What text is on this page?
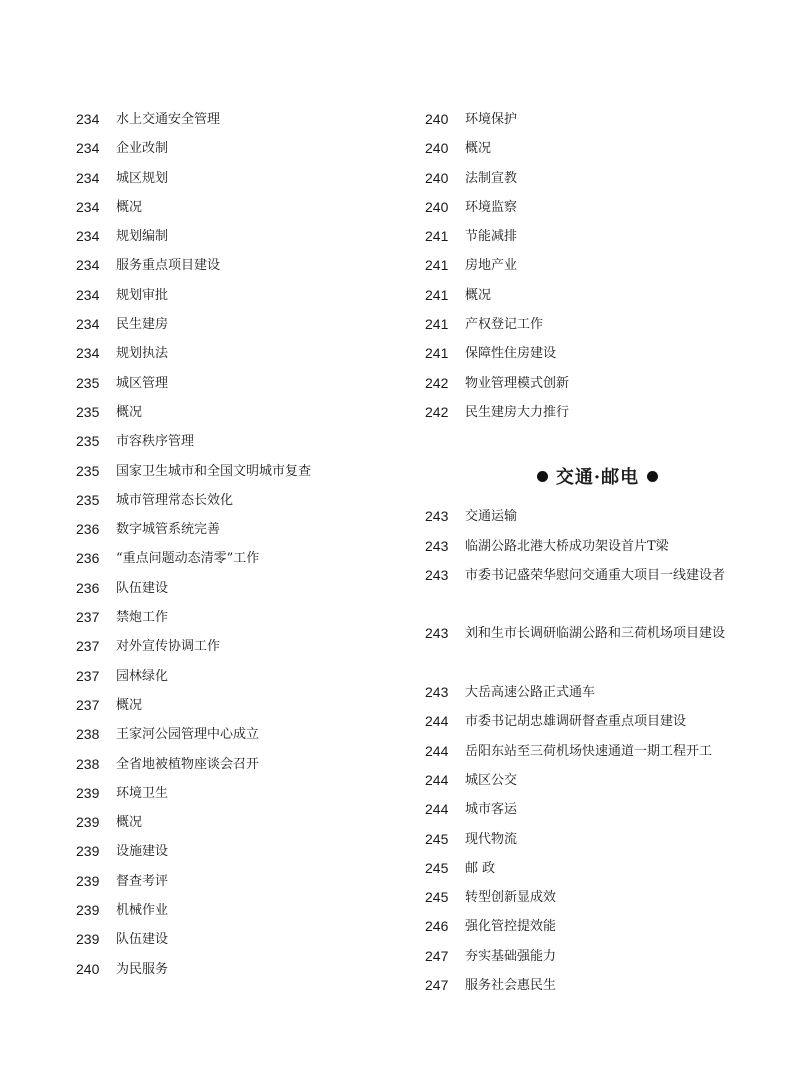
234	水上交通安全管理
234	企业改制
234	城区规划
234	概况
234	规划编制
234	服务重点项目建设
234	规划审批
234	民生建房
234	规划执法
235	城区管理
235	概况
235	市容秩序管理
235	国家卫生城市和全国文明城市复查
235	城市管理常态长效化
236	数字城管系统完善
236	“重点问题动态清零”工作
236	队伍建设
237	禁炮工作
237	对外宣传协调工作
237	园林绿化
237	概况
238	王家河公园管理中心成立
238	全省地被植物座谈会召开
239	环境卫生
239	概况
239	设施建设
239	督查考评
239	机械作业
239	队伍建设
240	为民服务
240	环境保护
240	概况
240	法制宣教
240	环境监察
241	节能减排
241	房地产业
241	概况
241	产权登记工作
241	保障性住房建设
242	物业管理模式创新
242	民生建房大力推行
交通·邮电
243	交通运输
243	临湖公路北港大桥成功架设首片T梁
243	市委书记盛荣华慰问交通重大项目一线建设者
243	刘和生市长调研临湖公路和三荷机场项目建设
243	大岳高速公路正式通车
244	市委书记胡忠雄调研督查重点项目建设
244	岳阳东站至三荷机场快速通道一期工程开工
244	城区公交
244	城市客运
245	现代物流
245	邮 政
245	转型创新显成效
246	强化管控提效能
247	夯实基础强能力
247	服务社会惠民生
